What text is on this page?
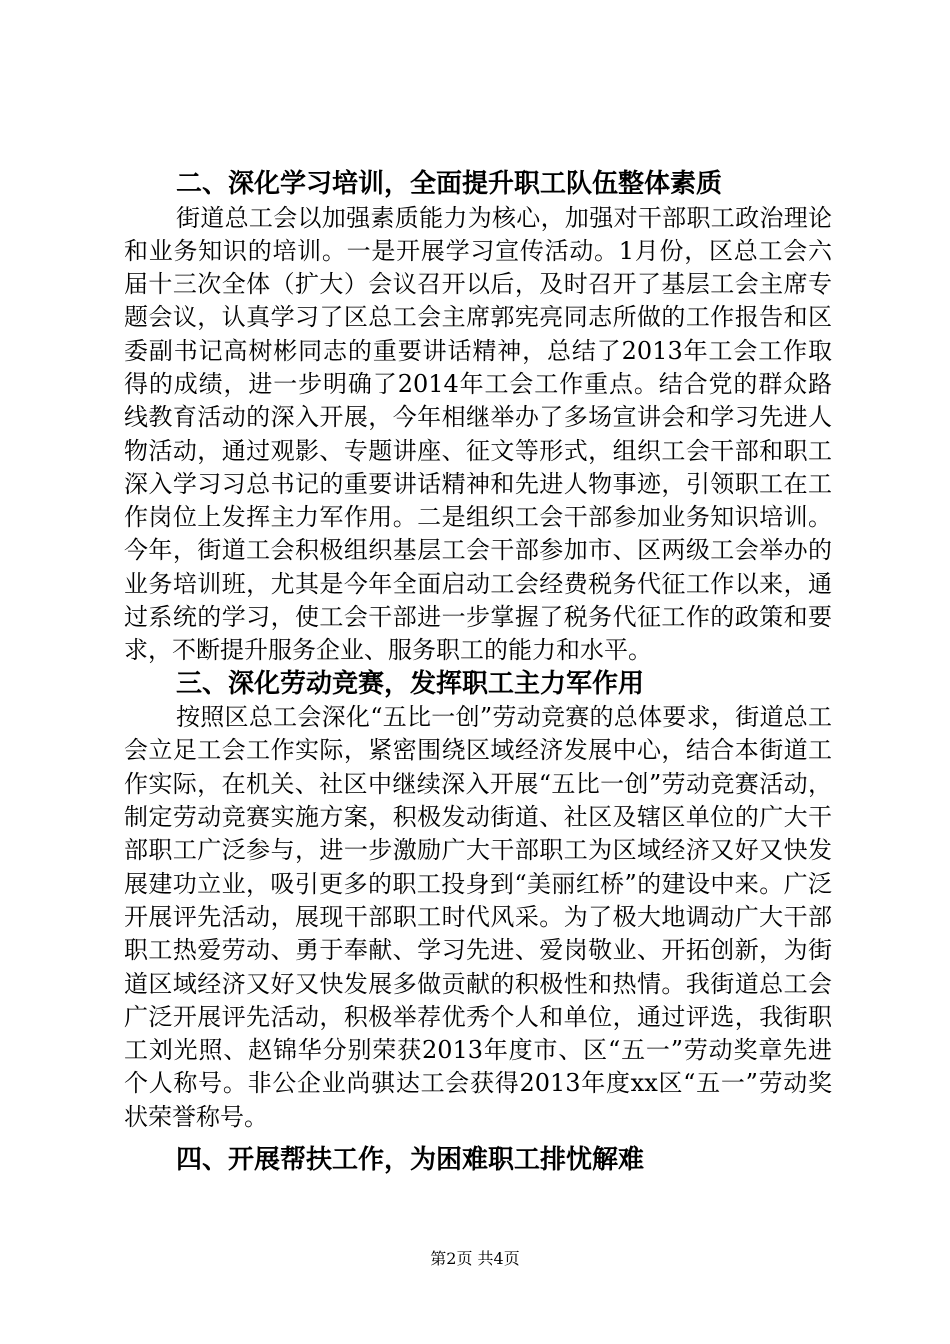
二、深化学习培训，全面提升职工队伍整体素质

街道总工会以加强素质能力为核心，加强对干部职工政治理论和业务知识的培训。一是开展学习宣传活动。1月份，区总工会六届十三次全体（扩大）会议召开以后，及时召开了基层工会主席专题会议，认真学习了区总工会主席郭宪亮同志所做的工作报告和区委副书记高树彬同志的重要讲话精神，总结了2013年工会工作取得的成绩，进一步明确了2014年工会工作重点。结合党的群众路线教育活动的深入开展，今年相继举办了多场宣讲会和学习先进人物活动，通过观影、专题讲座、征文等形式，组织工会干部和职工深入学习习总书记的重要讲话精神和先进人物事迹，引领职工在工作岗位上发挥主力军作用。二是组织工会干部参加业务知识培训。今年，街道工会积极组织基层工会干部参加市、区两级工会举办的业务培训班，尤其是今年全面启动工会经费税务代征工作以来，通过系统的学习，使工会干部进一步掌握了税务代征工作的政策和要求，不断提升服务企业、服务职工的能力和水平。

三、深化劳动竞赛，发挥职工主力军作用

按照区总工会深化“五比一创”劳动竞赛的总体要求，街道总工会立足工会工作实际，紧密围绕区域经济发展中心，结合本街道工作实际，在机关、社区中继续深入开展“五比一创”劳动竞赛活动，制定劳动竞赛实施方案，积极发动街道、社区及辖区单位的广大干部职工广泛参与，进一步激励广大干部职工为区域经济又好又快发展建功立业，吸引更多的职工投身到“美丽红桥”的建设中来。广泛开展评先活动，展现干部职工时代风采。为了极大地调动广大干部职工热爱劳动、勇于奉献、学习先进、爱岗敬业、开拓创新，为街道区域经济又好又快发展多做贡献的积极性和热情。我街道总工会广泛开展评先活动，积极举荐优秀个人和单位，通过评选，我街职工刘光照、赵锦华分别荣获2013年度市、区“五一”劳动奖章先进个人称号。非公企业尚骐达工会获得2013年度xx区“五一”劳动奖状荣誉称号。

四、开展帮扶工作，为困难职工排忧解难
第2页 共4页
